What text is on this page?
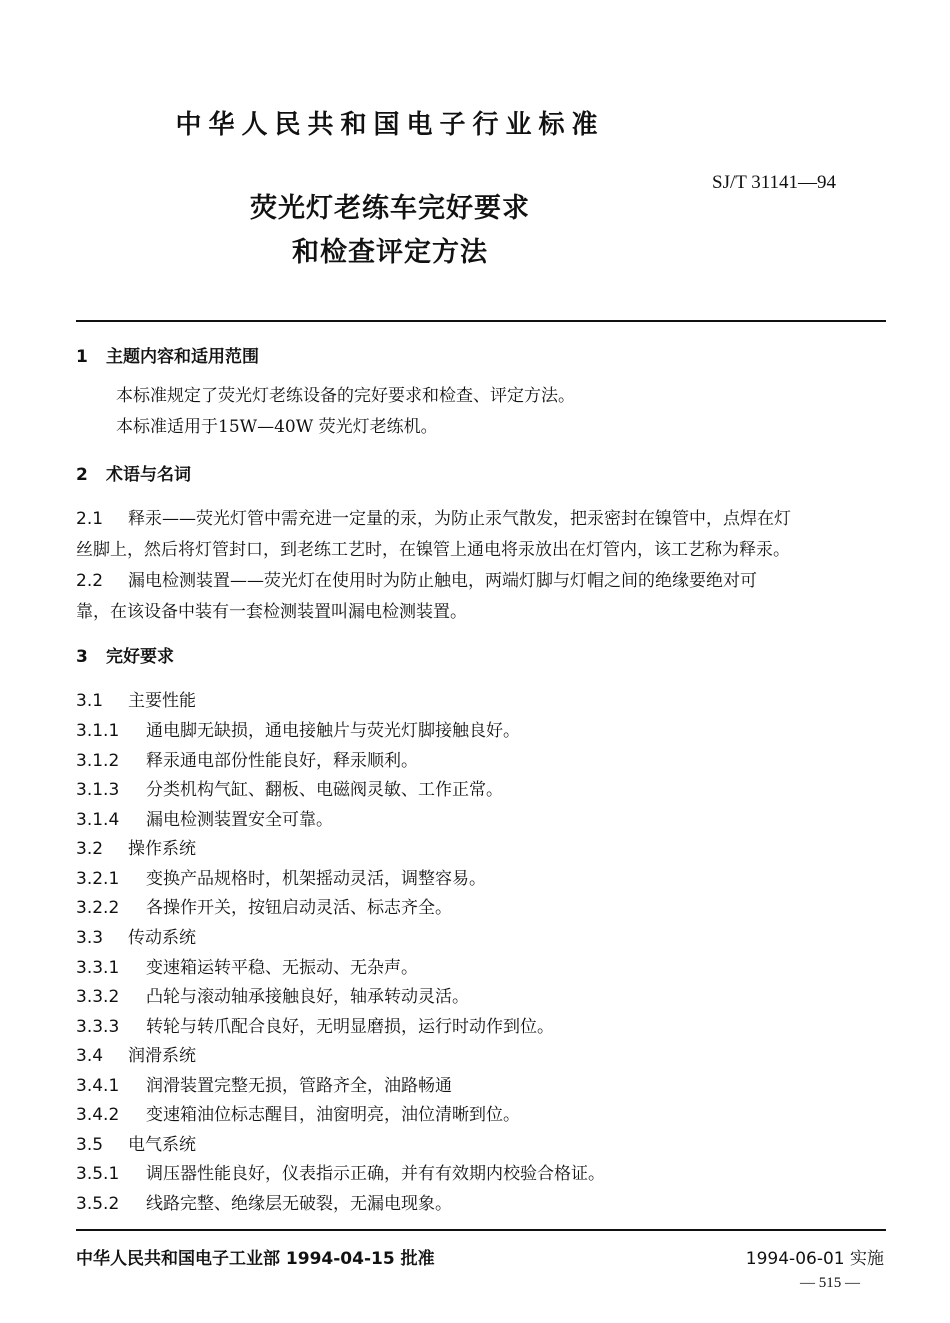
中华人民共和国电子行业标准
SJ/T 31141—94
荧光灯老练车完好要求
和检查评定方法
1 主题内容和适用范围
本标准规定了荧光灯老练设备的完好要求和检查、评定方法。
本标准适用于15W—40W 荧光灯老练机。
2 术语与名词
2.1 释汞——荧光灯管中需充进一定量的汞，为防止汞气散发，把汞密封在镍管中，点焊在灯
丝脚上，然后将灯管封口，到老练工艺时，在镍管上通电将汞放出在灯管内，该工艺称为释汞。
2.2 漏电检测装置——荧光灯在使用时为防止触电，两端灯脚与灯帽之间的绝缘要绝对可
靠，在该设备中装有一套检测装置叫漏电检测装置。
3 完好要求
3.1 主要性能
3.1.1 通电脚无缺损，通电接触片与荧光灯脚接触良好。
3.1.2 释汞通电部份性能良好，释汞顺利。
3.1.3 分类机构气缸、翻板、电磁阀灵敏、工作正常。
3.1.4 漏电检测装置安全可靠。
3.2 操作系统
3.2.1 变换产品规格时，机架摇动灵活，调整容易。
3.2.2 各操作开关，按钮启动灵活、标志齐全。
3.3 传动系统
3.3.1 变速箱运转平稳、无振动、无杂声。
3.3.2 凸轮与滚动轴承接触良好，轴承转动灵活。
3.3.3 转轮与转爪配合良好，无明显磨损，运行时动作到位。
3.4 润滑系统
3.4.1 润滑装置完整无损，管路齐全，油路畅通
3.4.2 变速箱油位标志醒目，油窗明亮，油位清晰到位。
3.5 电气系统
3.5.1 调压器性能良好，仪表指示正确，并有有效期内校验合格证。
3.5.2 线路完整、绝缘层无破裂，无漏电现象。
中华人民共和国电子工业部 1994-04-15 批准	1994-06-01 实施
— 515 —
